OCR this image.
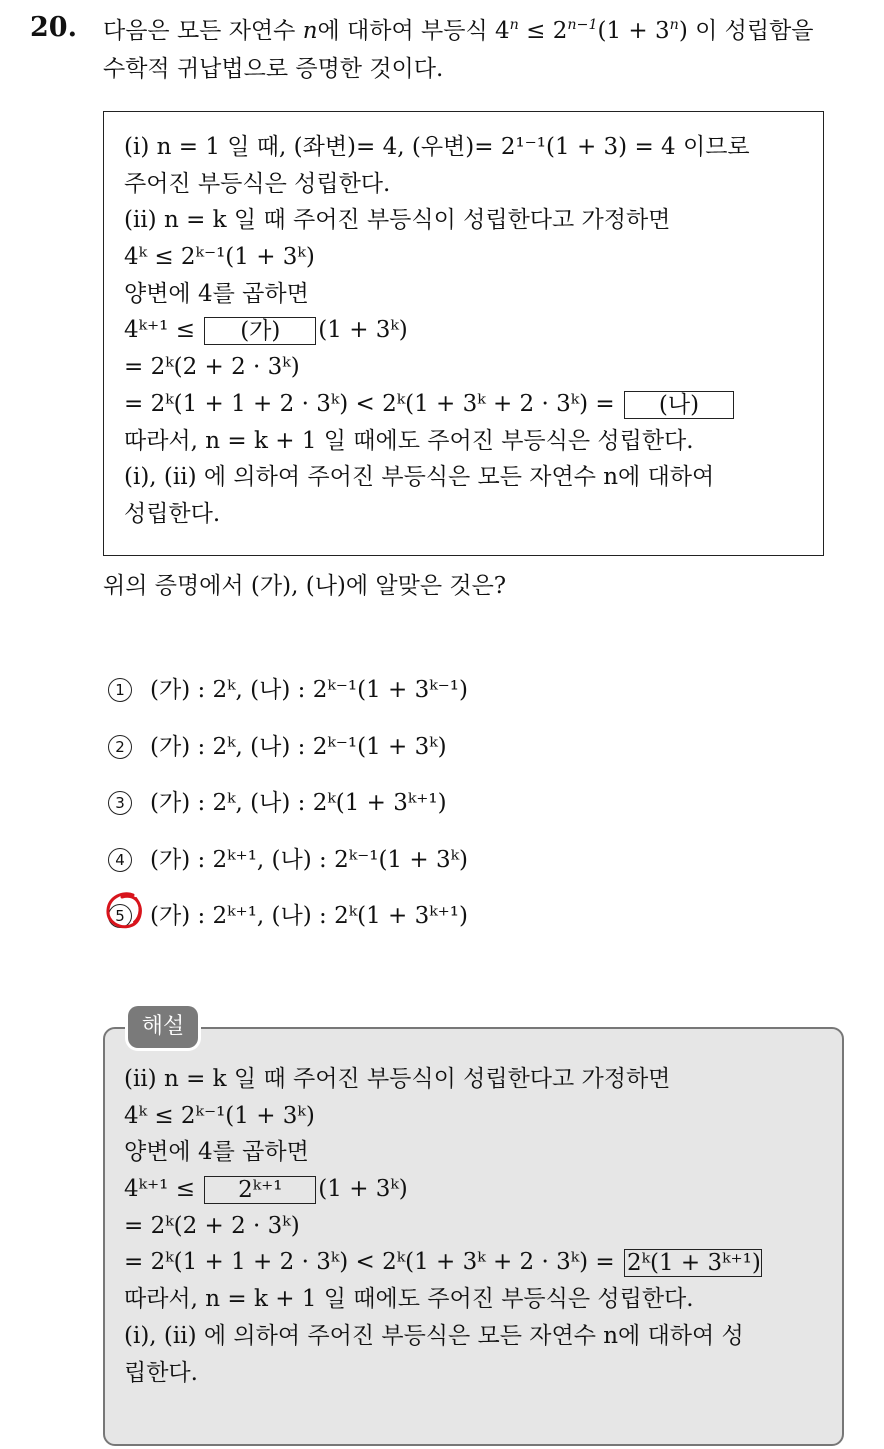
20. 다음은 모든 자연수 n에 대하여 부등식 $4^n \le 2^{n-1}(1 + 3^n)$ 이 성립함을
수학적 귀납법으로 증명한 것이다.
(i) n = 1 일 때, (좌변)= 4, (우변)= 2¹⁻¹(1 + 3) = 4 이므로
주어진 부등식은 성립한다.
(ii) n = k 일 때 주어진 부등식이 성립한다고 가정하면
4ᵏ ≤ 2ᵏ⁻¹(1 + 3ᵏ)
양변에 4를 곱하면
4ᵏ⁺¹ ≤ (가) (1 + 3ᵏ)
= 2ᵏ(2 + 2 · 3ᵏ)
= 2ᵏ(1 + 1 + 2 · 3ᵏ) < 2ᵏ(1 + 3ᵏ + 2 · 3ᵏ) = (나)
따라서, n = k + 1 일 때에도 주어진 부등식은 성립한다.
(i), (ii) 에 의하여 주어진 부등식은 모든 자연수 n에 대하여
성립한다.
위의 증명에서 (가), (나)에 알맞은 것은?
1	(가) : 2ᵏ, (나) : 2ᵏ⁻¹(1 + 3ᵏ⁻¹)
2	(가) : 2ᵏ, (나) : 2ᵏ⁻¹(1 + 3ᵏ)
3	(가) : 2ᵏ, (나) : 2ᵏ(1 + 3ᵏ⁺¹)
4	(가) : 2ᵏ⁺¹, (나) : 2ᵏ⁻¹(1 + 3ᵏ)
5	(가) : 2ᵏ⁺¹, (나) : 2ᵏ(1 + 3ᵏ⁺¹)
해설
(ii) n = k 일 때 주어진 부등식이 성립한다고 가정하면
4ᵏ ≤ 2ᵏ⁻¹(1 + 3ᵏ)
양변에 4를 곱하면
4ᵏ⁺¹ ≤ 2ᵏ⁺¹ (1 + 3ᵏ)
= 2ᵏ(2 + 2 · 3ᵏ)
= 2ᵏ(1 + 1 + 2 · 3ᵏ) < 2ᵏ(1 + 3ᵏ + 2 · 3ᵏ) = 2ᵏ(1 + 3ᵏ⁺¹)
따라서, n = k + 1 일 때에도 주어진 부등식은 성립한다.
(i), (ii) 에 의하여 주어진 부등식은 모든 자연수 n에 대하여 성
립한다.
